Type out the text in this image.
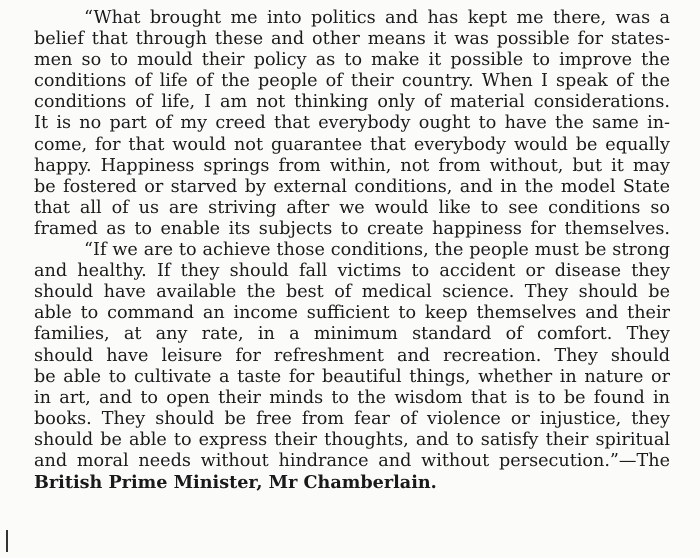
“What brought me into politics and has kept me there, was a
belief that through these and other means it was possible for states-
men so to mould their policy as to make it possible to improve the
conditions of life of the people of their country. When I speak of the
conditions of life, I am not thinking only of material considerations.
It is no part of my creed that everybody ought to have the same in-
come, for that would not guarantee that everybody would be equally
happy. Happiness springs from within, not from without, but it may
be fostered or starved by external conditions, and in the model State
that all of us are striving after we would like to see conditions so
framed as to enable its subjects to create happiness for themselves.
“If we are to achieve those conditions, the people must be strong
and healthy. If they should fall victims to accident or disease they
should have available the best of medical science. They should be
able to command an income sufficient to keep themselves and their
families, at any rate, in a minimum standard of comfort. They
should have leisure for refreshment and recreation. They should
be able to cultivate a taste for beautiful things, whether in nature or
in art, and to open their minds to the wisdom that is to be found in
books. They should be free from fear of violence or injustice, they
should be able to express their thoughts, and to satisfy their spiritual
and moral needs without hindrance and without persecution.”—The
British Prime Minister, Mr Chamberlain.
